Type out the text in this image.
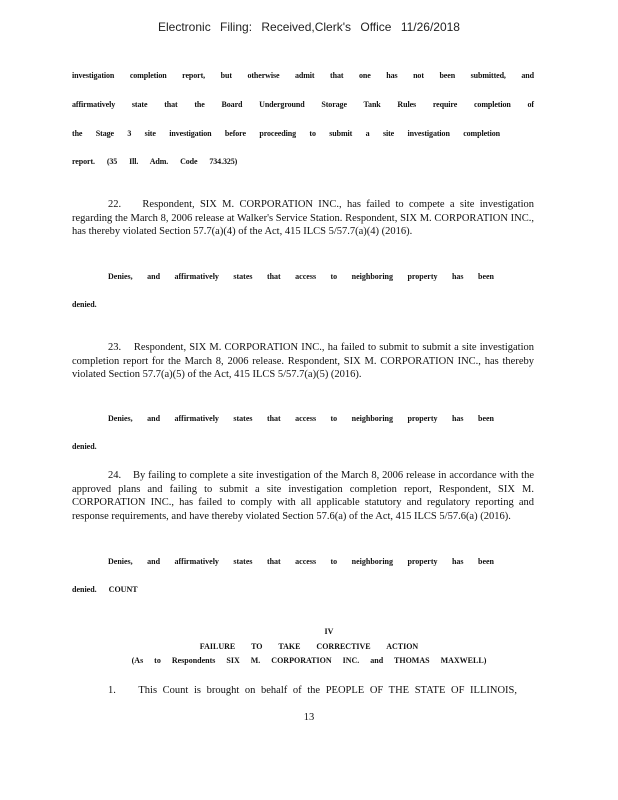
Electronic Filing: Received,Clerk's Office 11/26/2018
investigation completion report, but otherwise admit that one has not been submitted, and
affirmatively state that the Board Underground Storage Tank Rules require completion of
the Stage 3 site investigation before proceeding to submit a site investigation completion
report. (35 Ill. Adm. Code 734.325)
22. Respondent, SIX M. CORPORATION INC., has failed to compete a site investigation regarding the March 8, 2006 release at Walker's Service Station. Respondent, SIX M. CORPORATION INC., has thereby violated Section 57.7(a)(4) of the Act, 415 ILCS 5/57.7(a)(4) (2016).
Denies, and affirmatively states that access to neighboring property has been
denied.
23. Respondent, SIX M. CORPORATION INC., ha failed to submit to submit a site investigation completion report for the March 8, 2006 release. Respondent, SIX M. CORPORATION INC., has thereby violated Section 57.7(a)(5) of the Act, 415 ILCS 5/57.7(a)(5) (2016).
Denies, and affirmatively states that access to neighboring property has been
denied.
24. By failing to complete a site investigation of the March 8, 2006 release in accordance with the approved plans and failing to submit a site investigation completion report, Respondent, SIX M. CORPORATION INC., has failed to comply with all applicable statutory and regulatory reporting and response requirements, and have thereby violated Section 57.6(a) of the Act, 415 ILCS 5/57.6(a) (2016).
Denies, and affirmatively states that access to neighboring property has been
denied. COUNT
IV
FAILURE TO TAKE CORRECTIVE ACTION
(As to Respondents SIX M. CORPORATION INC. and THOMAS MAXWELL)
1. This Count is brought on behalf of the PEOPLE OF THE STATE OF ILLINOIS,
13
